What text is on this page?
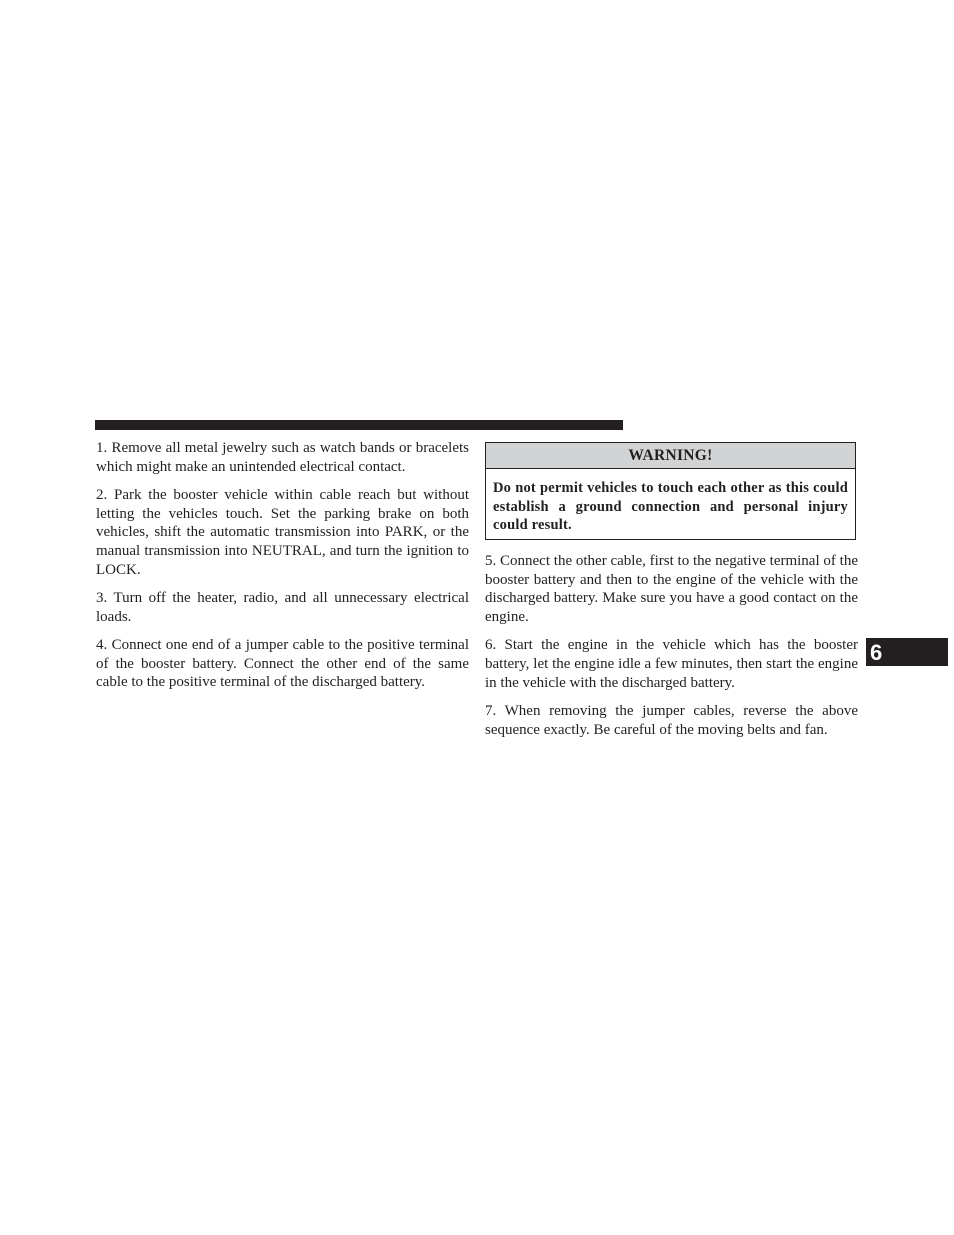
1. Remove all metal jewelry such as watch bands or bracelets which might make an unintended electrical contact.

2. Park the booster vehicle within cable reach but without letting the vehicles touch. Set the parking brake on both vehicles, shift the automatic transmission into PARK, or the manual transmission into NEUTRAL, and turn the ignition to LOCK.

3. Turn off the heater, radio, and all unnecessary electrical loads.

4. Connect one end of a jumper cable to the positive terminal of the booster battery. Connect the other end of the same cable to the positive terminal of the discharged battery.

WARNING!
Do not permit vehicles to touch each other as this could establish a ground connection and personal injury could result.

5. Connect the other cable, first to the negative terminal of the booster battery and then to the engine of the vehicle with the discharged battery. Make sure you have a good contact on the engine.

6. Start the engine in the vehicle which has the booster battery, let the engine idle a few minutes, then start the engine in the vehicle with the discharged battery.

7. When removing the jumper cables, reverse the above sequence exactly. Be careful of the moving belts and fan.

6
